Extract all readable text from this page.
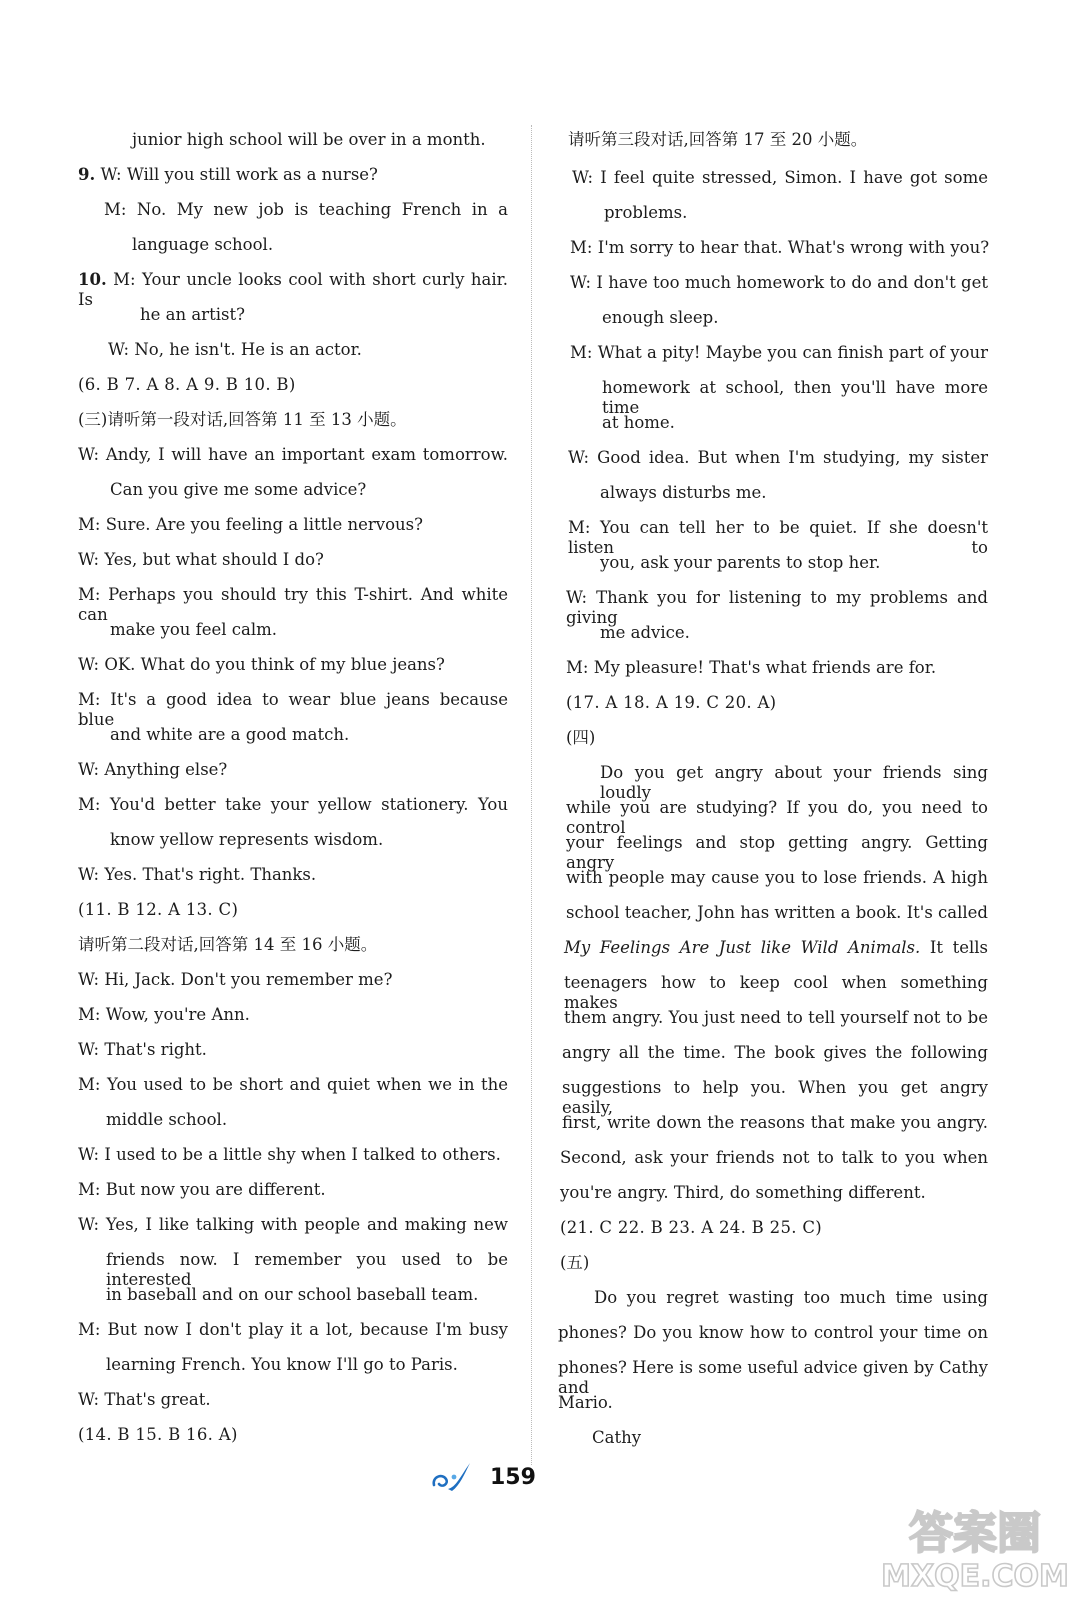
junior high school will be over in a month.
9. W: Will you still work as a nurse?
M: No. My new job is teaching French in a
language school.
10. M: Your uncle looks cool with short curly hair. Is
he an artist?
W: No, he isn't. He is an actor.
(6. B 7. A 8. A 9. B 10. B)
(三)请听第一段对话,回答第 11 至 13 小题。
W: Andy, I will have an important exam tomorrow.
Can you give me some advice?
M: Sure. Are you feeling a little nervous?
W: Yes, but what should I do?
M: Perhaps you should try this T-shirt. And white can
make you feel calm.
W: OK. What do you think of my blue jeans?
M: It's a good idea to wear blue jeans because blue
and white are a good match.
W: Anything else?
M: You'd better take your yellow stationery. You
know yellow represents wisdom.
W: Yes. That's right. Thanks.
(11. B 12. A 13. C)
请听第二段对话,回答第 14 至 16 小题。
W: Hi, Jack. Don't you remember me?
M: Wow, you're Ann.
W: That's right.
M: You used to be short and quiet when we in the
middle school.
W: I used to be a little shy when I talked to others.
M: But now you are different.
W: Yes, I like talking with people and making new
friends now. I remember you used to be interested
in baseball and on our school baseball team.
M: But now I don't play it a lot, because I'm busy
learning French. You know I'll go to Paris.
W: That's great.
(14. B 15. B 16. A)
请听第三段对话,回答第 17 至 20 小题。
W: I feel quite stressed, Simon. I have got some
problems.
M: I'm sorry to hear that. What's wrong with you?
W: I have too much homework to do and don't get
enough sleep.
M: What a pity! Maybe you can finish part of your
homework at school, then you'll have more time
at home.
W: Good idea. But when I'm studying, my sister
always disturbs me.
M: You can tell her to be quiet. If she doesn't listen to
you, ask your parents to stop her.
W: Thank you for listening to my problems and giving
me advice.
M: My pleasure! That's what friends are for.
(17. A 18. A 19. C 20. A)
(四)
Do you get angry about your friends sing loudly
while you are studying? If you do, you need to control
your feelings and stop getting angry. Getting angry
with people may cause you to lose friends. A high
school teacher, John has written a book. It's called
My Feelings Are Just like Wild Animals. It tells
teenagers how to keep cool when something makes
them angry. You just need to tell yourself not to be
angry all the time. The book gives the following
suggestions to help you. When you get angry easily,
first, write down the reasons that make you angry.
Second, ask your friends not to talk to you when
you're angry. Third, do something different.
(21. C 22. B 23. A 24. B 25. C)
(五)
Do you regret wasting too much time using
phones? Do you know how to control your time on
phones? Here is some useful advice given by Cathy and
Mario.
Cathy
159
答案圈
MXQE.COM
